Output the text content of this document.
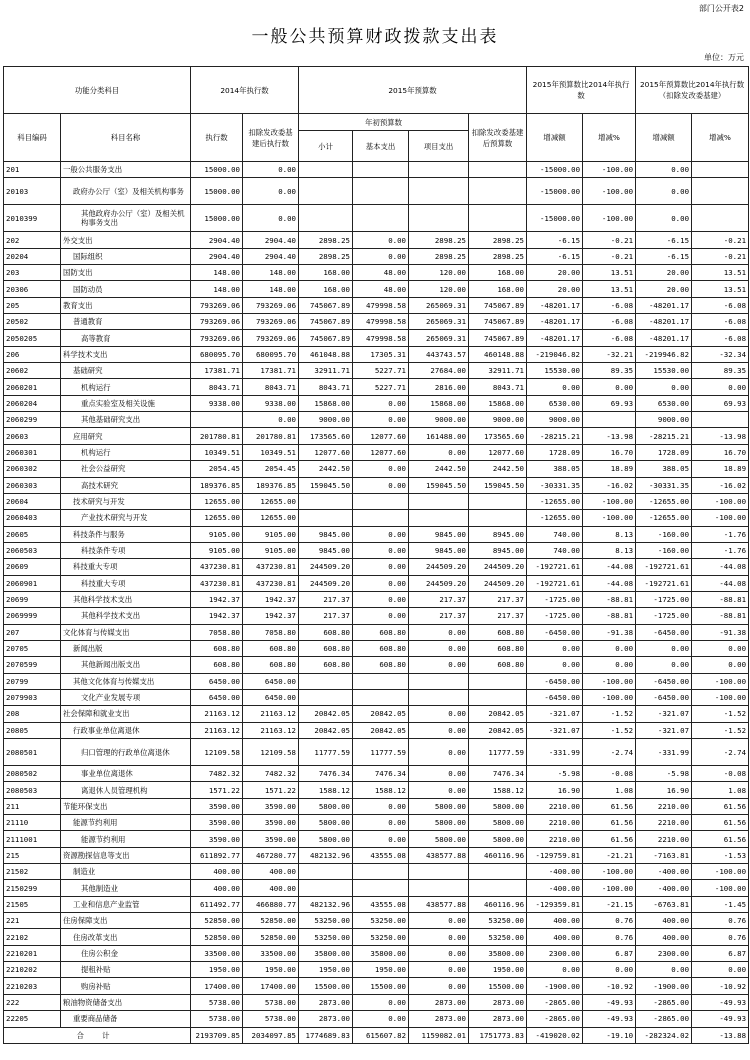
部门公开表2
一般公共预算财政拨款支出表
单位：万元
功能分类科目		2014年执行数		2015年预算数				2015年预算数比2014年执行数		2015年预算数比2014年执行数（扣除发改委基建）	
科目编码	科目名称	执行数	扣除发改委基建后执行数	年初预算数			扣除发改委基建后预算数	增减额	增减%	增减额	增减%
				小计	基本支出	项目支出					
201	一般公共服务支出	15000.00	0.00					-15000.00	-100.00	0.00	
20103	政府办公厅（室）及相关机构事务	15000.00	0.00					-15000.00	-100.00	0.00	
2010399	其他政府办公厅（室）及相关机构事务支出	15000.00	0.00					-15000.00	-100.00	0.00	
202	外交支出	2904.40	2904.40	2898.25	0.00	2898.25	2898.25	-6.15	-0.21	-6.15	-0.21
20204	国际组织	2904.40	2904.40	2898.25	0.00	2898.25	2898.25	-6.15	-0.21	-6.15	-0.21
203	国防支出	148.00	148.00	168.00	48.00	120.00	168.00	20.00	13.51	20.00	13.51
20306	国防动员	148.00	148.00	168.00	48.00	120.00	168.00	20.00	13.51	20.00	13.51
205	教育支出	793269.06	793269.06	745067.89	479998.58	265069.31	745067.89	-48201.17	-6.08	-48201.17	-6.08
20502	普通教育	793269.06	793269.06	745067.89	479998.58	265069.31	745067.89	-48201.17	-6.08	-48201.17	-6.08
2050205	高等教育	793269.06	793269.06	745067.89	479998.58	265069.31	745067.89	-48201.17	-6.08	-48201.17	-6.08
206	科学技术支出	680095.70	680095.70	461048.88	17305.31	443743.57	460148.88	-219046.82	-32.21	-219946.82	-32.34
20602	基础研究	17381.71	17381.71	32911.71	5227.71	27684.00	32911.71	15530.00	89.35	15530.00	89.35
2060201	机构运行	8043.71	8043.71	8043.71	5227.71	2816.00	8043.71	0.00	0.00	0.00	0.00
2060204	重点实验室及相关设施	9338.00	9338.00	15868.00	0.00	15868.00	15868.00	6530.00	69.93	6530.00	69.93
2060299	其他基础研究支出		0.00	9000.00	0.00	9000.00	9000.00	9000.00		9000.00	
20603	应用研究	201780.81	201780.81	173565.60	12077.60	161488.00	173565.60	-28215.21	-13.98	-28215.21	-13.98
2060301	机构运行	10349.51	10349.51	12077.60	12077.60	0.00	12077.60	1728.09	16.70	1728.09	16.70
2060302	社会公益研究	2054.45	2054.45	2442.50	0.00	2442.50	2442.50	388.05	18.89	388.05	18.89
2060303	高技术研究	189376.85	189376.85	159045.50	0.00	159045.50	159045.50	-30331.35	-16.02	-30331.35	-16.02
20604	技术研究与开发	12655.00	12655.00					-12655.00	-100.00	-12655.00	-100.00
2060403	产业技术研究与开发	12655.00	12655.00					-12655.00	-100.00	-12655.00	-100.00
20605	科技条件与服务	9105.00	9105.00	9845.00	0.00	9845.00	8945.00	740.00	8.13	-160.00	-1.76
2060503	科技条件专项	9105.00	9105.00	9845.00	0.00	9845.00	8945.00	740.00	8.13	-160.00	-1.76
20609	科技重大专项	437230.81	437230.81	244509.20	0.00	244509.20	244509.20	-192721.61	-44.08	-192721.61	-44.08
2060901	科技重大专项	437230.81	437230.81	244509.20	0.00	244509.20	244509.20	-192721.61	-44.08	-192721.61	-44.08
20699	其他科学技术支出	1942.37	1942.37	217.37	0.00	217.37	217.37	-1725.00	-88.81	-1725.00	-88.81
2069999	其他科学技术支出	1942.37	1942.37	217.37	0.00	217.37	217.37	-1725.00	-88.81	-1725.00	-88.81
207	文化体育与传媒支出	7058.80	7058.80	608.80	608.80	0.00	608.80	-6450.00	-91.38	-6450.00	-91.38
20705	新闻出版	608.80	608.80	608.80	608.80	0.00	608.80	0.00	0.00	0.00	0.00
2070599	其他新闻出版支出	608.80	608.80	608.80	608.80	0.00	608.80	0.00	0.00	0.00	0.00
20799	其他文化体育与传媒支出	6450.00	6450.00					-6450.00	-100.00	-6450.00	-100.00
2079903	文化产业发展专项	6450.00	6450.00					-6450.00	-100.00	-6450.00	-100.00
208	社会保障和就业支出	21163.12	21163.12	20842.05	20842.05	0.00	20842.05	-321.07	-1.52	-321.07	-1.52
20805	行政事业单位离退休	21163.12	21163.12	20842.05	20842.05	0.00	20842.05	-321.07	-1.52	-321.07	-1.52
2080501	归口管理的行政单位离退休	12109.58	12109.58	11777.59	11777.59	0.00	11777.59	-331.99	-2.74	-331.99	-2.74
2080502	事业单位离退休	7482.32	7482.32	7476.34	7476.34	0.00	7476.34	-5.98	-0.08	-5.98	-0.08
2080503	离退休人员管理机构	1571.22	1571.22	1588.12	1588.12	0.00	1588.12	16.90	1.08	16.90	1.08
211	节能环保支出	3590.00	3590.00	5800.00	0.00	5800.00	5800.00	2210.00	61.56	2210.00	61.56
21110	能源节约利用	3590.00	3590.00	5800.00	0.00	5800.00	5800.00	2210.00	61.56	2210.00	61.56
2111001	能源节约利用	3590.00	3590.00	5800.00	0.00	5800.00	5800.00	2210.00	61.56	2210.00	61.56
215	资源勘探信息等支出	611892.77	467280.77	482132.96	43555.08	438577.88	460116.96	-129759.81	-21.21	-7163.81	-1.53
21502	制造业	400.00	400.00					-400.00	-100.00	-400.00	-100.00
2150299	其他制造业	400.00	400.00					-400.00	-100.00	-400.00	-100.00
21505	工业和信息产业监管	611492.77	466880.77	482132.96	43555.08	438577.88	460116.96	-129359.81	-21.15	-6763.81	-1.45
221	住房保障支出	52850.00	52850.00	53250.00	53250.00	0.00	53250.00	400.00	0.76	400.00	0.76
22102	住房改革支出	52850.00	52850.00	53250.00	53250.00	0.00	53250.00	400.00	0.76	400.00	0.76
2210201	住房公积金	33500.00	33500.00	35800.00	35800.00	0.00	35800.00	2300.00	6.87	2300.00	6.87
2210202	提租补贴	1950.00	1950.00	1950.00	1950.00	0.00	1950.00	0.00	0.00	0.00	0.00
2210203	购房补贴	17400.00	17400.00	15500.00	15500.00	0.00	15500.00	-1900.00	-10.92	-1900.00	-10.92
222	粮油物资储备支出	5738.00	5738.00	2873.00	0.00	2873.00	2873.00	-2865.00	-49.93	-2865.00	-49.93
22205	重要商品储备	5738.00	5738.00	2873.00	0.00	2873.00	2873.00	-2865.00	-49.93	-2865.00	-49.93
合 计		2193709.85	2034097.85	1774689.83	615607.82	1159082.01	1751773.83	-419020.02	-19.10	-282324.02	-13.88
